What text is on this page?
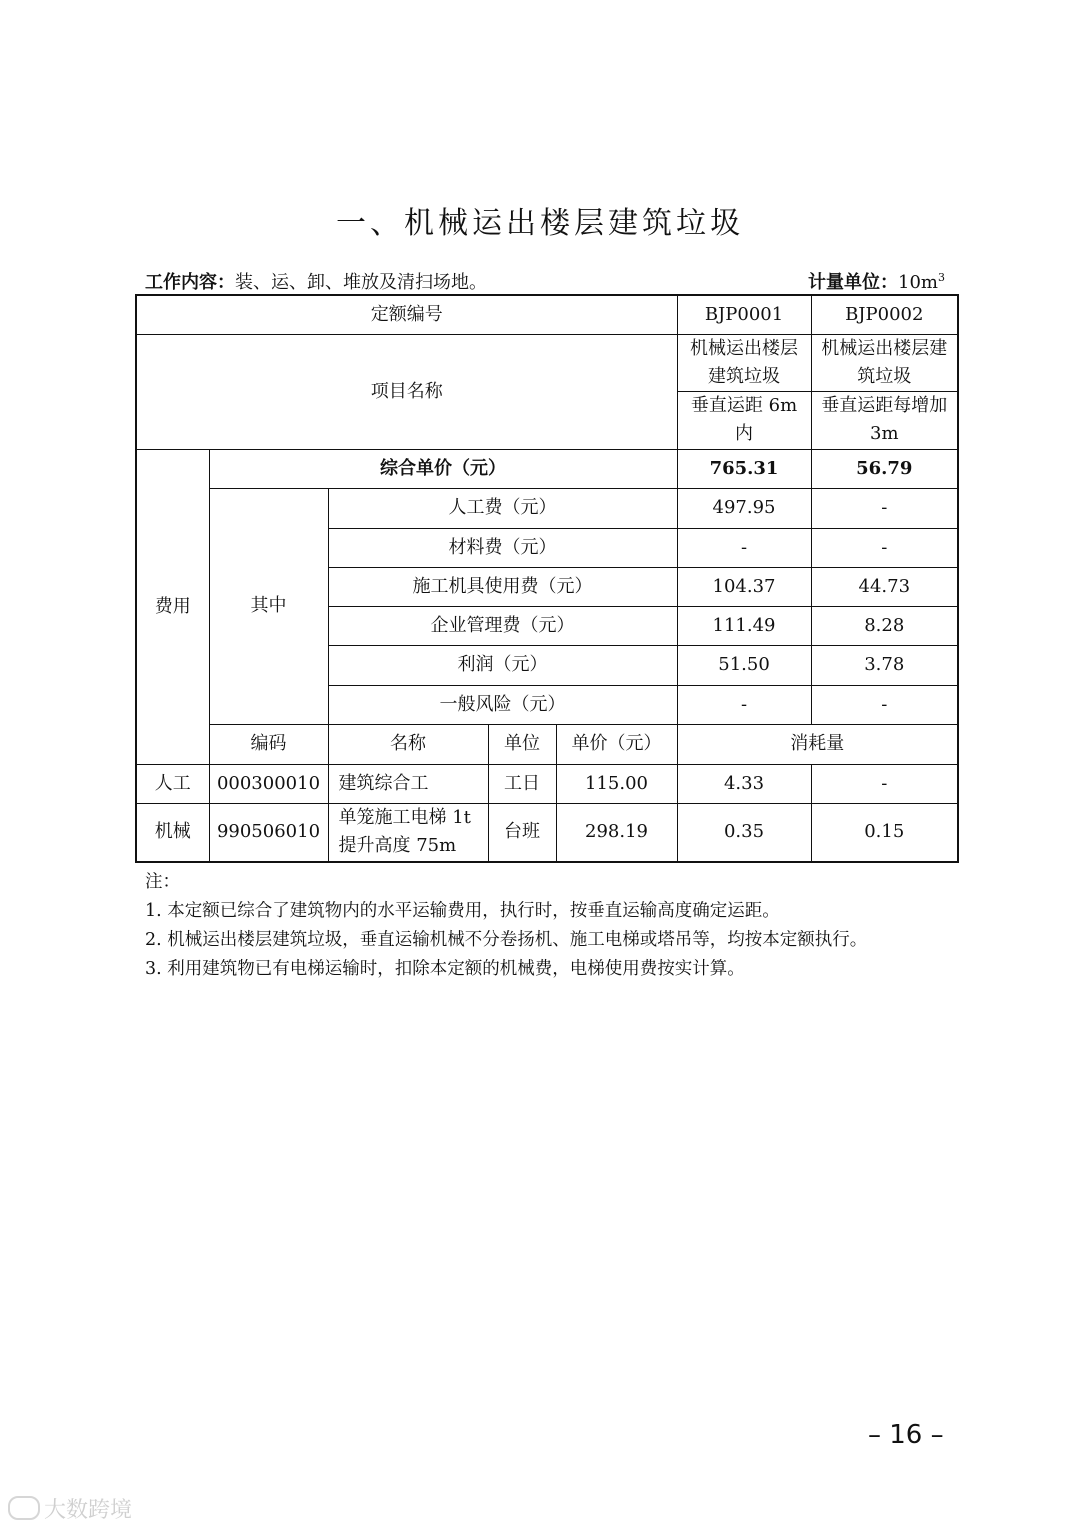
一、机械运出楼层建筑垃圾
工作内容：装、运、卸、堆放及清扫场地。	计量单位：$10m^3$
定额编号					BJP0001	BJP0002
项目名称					机械运出楼层建筑垃圾	机械运出楼层建筑垃圾
					垂直运距 6m 内	垂直运距每增加 3m
费用	综合单价（元）				765.31	56.79
	其中	人工费（元）			497.95	-
		材料费（元）			-	-
		施工机具使用费（元）			104.37	44.73
		企业管理费（元）			111.49	8.28
		利润（元）			51.50	3.78
		一般风险（元）			-	-
	编码	名称	单位	单价（元）	消耗量	
人工	000300010	建筑综合工	工日	115.00	4.33	-
机械	990506010	单笼施工电梯 1t 提升高度 75m	台班	298.19	0.35	0.15
注：
1. 本定额已综合了建筑物内的水平运输费用，执行时，按垂直运输高度确定运距。
2. 机械运出楼层建筑垃圾，垂直运输机械不分卷扬机、施工电梯或塔吊等，均按本定额执行。
3. 利用建筑物已有电梯运输时，扣除本定额的机械费，电梯使用费按实计算。
– 16 –
大数跨境
